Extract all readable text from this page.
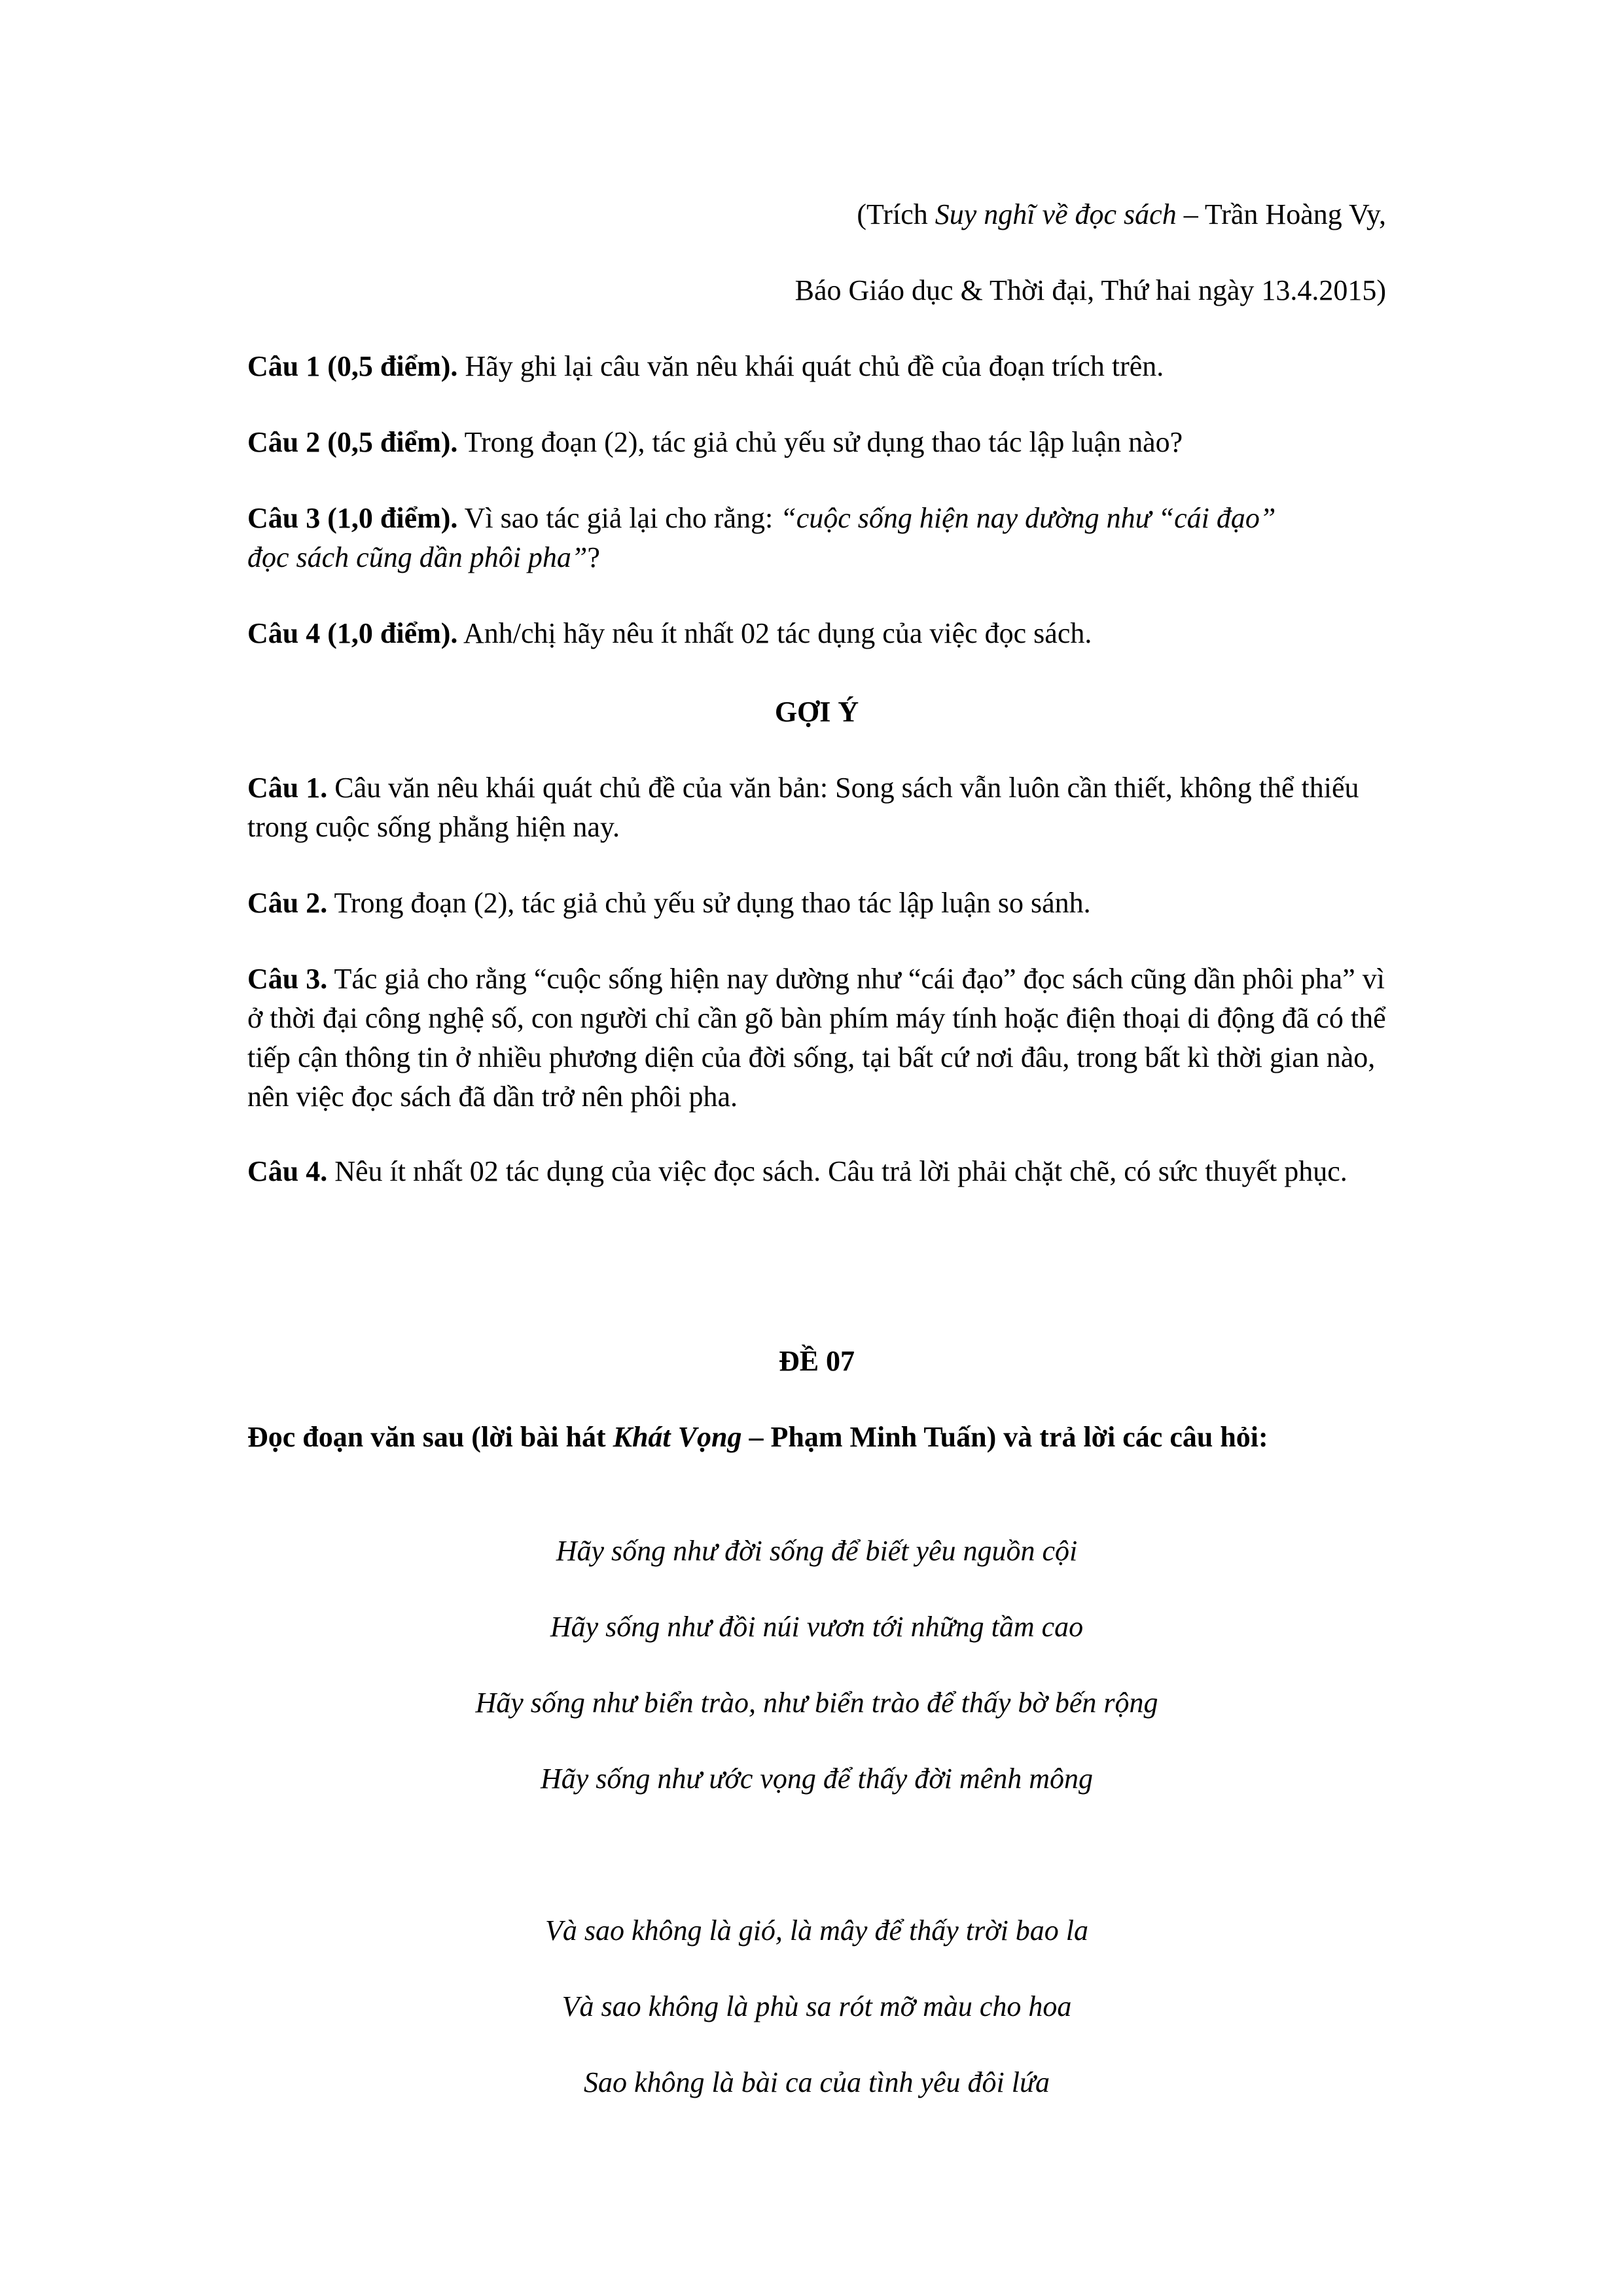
(Trích Suy nghĩ về đọc sách – Trần Hoàng Vy,

Báo Giáo dục & Thời đại, Thứ hai ngày 13.4.2015)

Câu 1 (0,5 điểm). Hãy ghi lại câu văn nêu khái quát chủ đề của đoạn trích trên.

Câu 2 (0,5 điểm). Trong đoạn (2), tác giả chủ yếu sử dụng thao tác lập luận nào?

Câu 3 (1,0 điểm). Vì sao tác giả lại cho rằng: “cuộc sống hiện nay dường như “cái đạo” đọc sách cũng dần phôi pha”?

Câu 4 (1,0 điểm). Anh/chị hãy nêu ít nhất 02 tác dụng của việc đọc sách.

GỢI Ý

Câu 1. Câu văn nêu khái quát chủ đề của văn bản: Song sách vẫn luôn cần thiết, không thể thiếu trong cuộc sống phẳng hiện nay.

Câu 2. Trong đoạn (2), tác giả chủ yếu sử dụng thao tác lập luận so sánh.

Câu 3. Tác giả cho rằng “cuộc sống hiện nay dường như “cái đạo” đọc sách cũng dần phôi pha” vì ở thời đại công nghệ số, con người chỉ cần gõ bàn phím máy tính hoặc điện thoại di động đã có thể tiếp cận thông tin ở nhiều phương diện của đời sống, tại bất cứ nơi đâu, trong bất kì thời gian nào, nên việc đọc sách đã dần trở nên phôi pha.

Câu 4. Nêu ít nhất 02 tác dụng của việc đọc sách. Câu trả lời phải chặt chẽ, có sức thuyết phục.

ĐỀ 07

Đọc đoạn văn sau (lời bài hát Khát Vọng – Phạm Minh Tuấn) và trả lời các câu hỏi:

Hãy sống như đời sống để biết yêu nguồn cội

Hãy sống như đồi núi vươn tới những tầm cao

Hãy sống như biển trào, như biển trào để thấy bờ bến rộng

Hãy sống như ước vọng để thấy đời mênh mông

Và sao không là gió, là mây để thấy trời bao la

Và sao không là phù sa rót mỡ màu cho hoa

Sao không là bài ca của tình yêu đôi lứa
